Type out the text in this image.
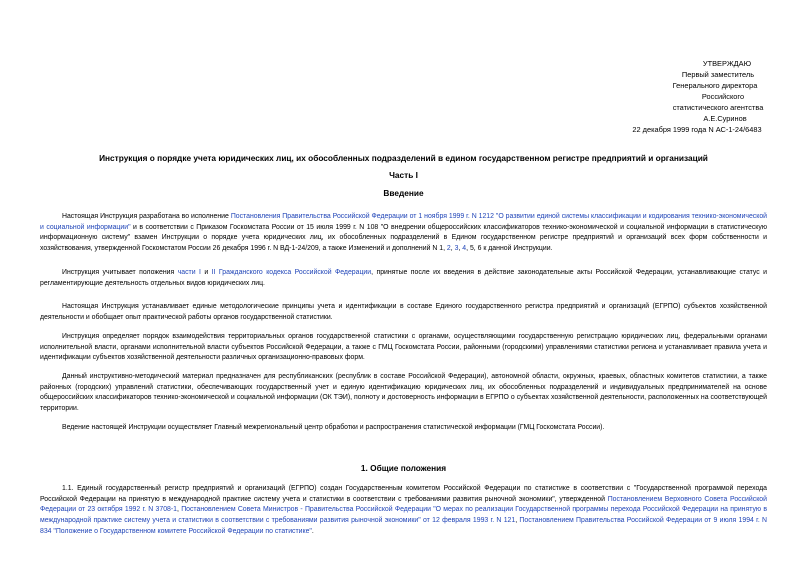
УТВЕРЖДАЮ
Первый заместитель
Генерального директора
Российского
статистического агентства
А.Е.Суринов
22 декабря 1999 года N АС-1-24/6483
Инструкция о порядке учета юридических лиц, их обособленных подразделений в едином государственном регистре предприятий и организаций
Часть I
Введение

Настоящая Инструкция разработана во исполнение Постановления Правительства Российской Федерации от 1 ноября 1999 г. N 1212 "О развитии единой системы классификации и кодирования технико-экономической и социальной информации" и в соответствии с Приказом Госкомстата России от 15 июля 1999 г. N 108 "О внедрении общероссийских классификаторов технико-экономической и социальной информации в статистическую информационную систему" взамен Инструкции о порядке учета юридических лиц, их обособленных подразделений в Едином государственном регистре предприятий и организаций всех форм собственности и хозяйствования, утвержденной Госкомстатом России 26 декабря 1996 г. N ВД-1-24/209, а также Изменений и дополнений N 1, 2, 3, 4, 5, 6 к данной Инструкции.

Инструкция учитывает положения части I и II Гражданского кодекса Российской Федерации, принятые после их введения в действие законодательные акты Российской Федерации, устанавливающие статус и регламентирующие деятельность отдельных видов юридических лиц.

Настоящая Инструкция устанавливает единые методологические принципы учета и идентификации в составе Единого государственного регистра предприятий и организаций (ЕГРПО) субъектов хозяйственной деятельности и обобщает опыт практической работы органов государственной статистики.

Инструкция определяет порядок взаимодействия территориальных органов государственной статистики с органами, осуществляющими государственную регистрацию юридических лиц, федеральными органами исполнительной власти, органами исполнительной власти субъектов Российской Федерации, а также с ГМЦ Госкомстата России, районными (городскими) управлениями статистики региона и устанавливает правила учета и идентификации субъектов хозяйственной деятельности различных организационно-правовых форм.

Данный инструктивно-методический материал предназначен для республиканских (республик в составе Российской Федерации), автономной области, окружных, краевых, областных комитетов статистики, а также районных (городских) управлений статистики, обеспечивающих государственный учет и единую идентификацию юридических лиц, их обособленных подразделений и индивидуальных предпринимателей на основе общероссийских классификаторов технико-экономической и социальной информации (ОК ТЭИ), полноту и достоверность информации в ЕГРПО о субъектах хозяйственной деятельности, расположенных на соответствующей территории.

Ведение настоящей Инструкции осуществляет Главный межрегиональный центр обработки и распространения статистической информации (ГМЦ Госкомстата России).

1. Общие положения

1.1. Единый государственный регистр предприятий и организаций (ЕГРПО) создан Государственным комитетом Российской Федерации по статистике в соответствии с "Государственной программой перехода Российской Федерации на принятую в международной практике систему учета и статистики в соответствии с требованиями развития рыночной экономики", утвержденной Постановлением Верховного Совета Российской Федерации от 23 октября 1992 г. N 3708-1, Постановлением Совета Министров - Правительства Российской Федерации "О мерах по реализации Государственной программы перехода Российской Федерации на принятую в международной практике систему учета и статистики в соответствии с требованиями развития рыночной экономики" от 12 февраля 1993 г. N 121, Постановлением Правительства Российской Федерации от 9 июля 1994 г. N 834 "Положение о Государственном комитете Российской Федерации по статистике".
